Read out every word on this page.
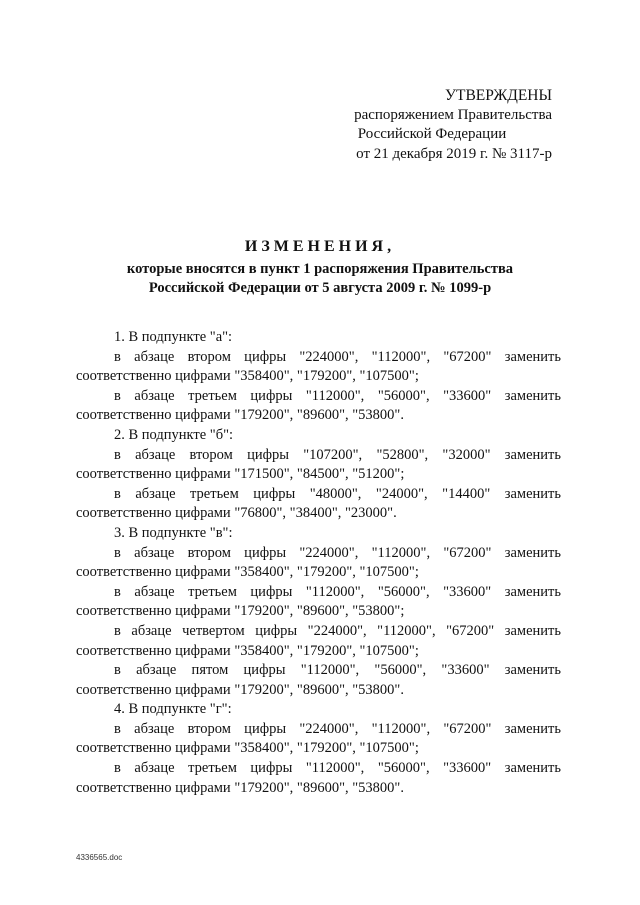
УТВЕРЖДЕНЫ
распоряжением Правительства
Российской Федерации
от 21 декабря 2019 г. № 3117-р
ИЗМЕНЕНИЯ,
которые вносятся в пункт 1 распоряжения Правительства
Российской Федерации от 5 августа 2009 г. № 1099-р
1. В подпункте "а":
в абзаце втором цифры "224000", "112000", "67200" заменить
соответственно цифрами "358400", "179200", "107500";
в абзаце третьем цифры "112000", "56000", "33600" заменить
соответственно цифрами "179200", "89600", "53800".
2. В подпункте "б":
в абзаце втором цифры "107200", "52800", "32000" заменить
соответственно цифрами "171500", "84500", "51200";
в абзаце третьем цифры "48000", "24000", "14400" заменить
соответственно цифрами "76800", "38400", "23000".
3. В подпункте "в":
в абзаце втором цифры "224000", "112000", "67200" заменить
соответственно цифрами "358400", "179200", "107500";
в абзаце третьем цифры "112000", "56000", "33600" заменить
соответственно цифрами "179200", "89600", "53800";
в абзаце четвертом цифры "224000", "112000", "67200" заменить
соответственно цифрами "358400", "179200", "107500";
в абзаце пятом цифры "112000", "56000", "33600" заменить
соответственно цифрами "179200", "89600", "53800".
4. В подпункте "г":
в абзаце втором цифры "224000", "112000", "67200" заменить
соответственно цифрами "358400", "179200", "107500";
в абзаце третьем цифры "112000", "56000", "33600" заменить
соответственно цифрами "179200", "89600", "53800".
4336565.doc
